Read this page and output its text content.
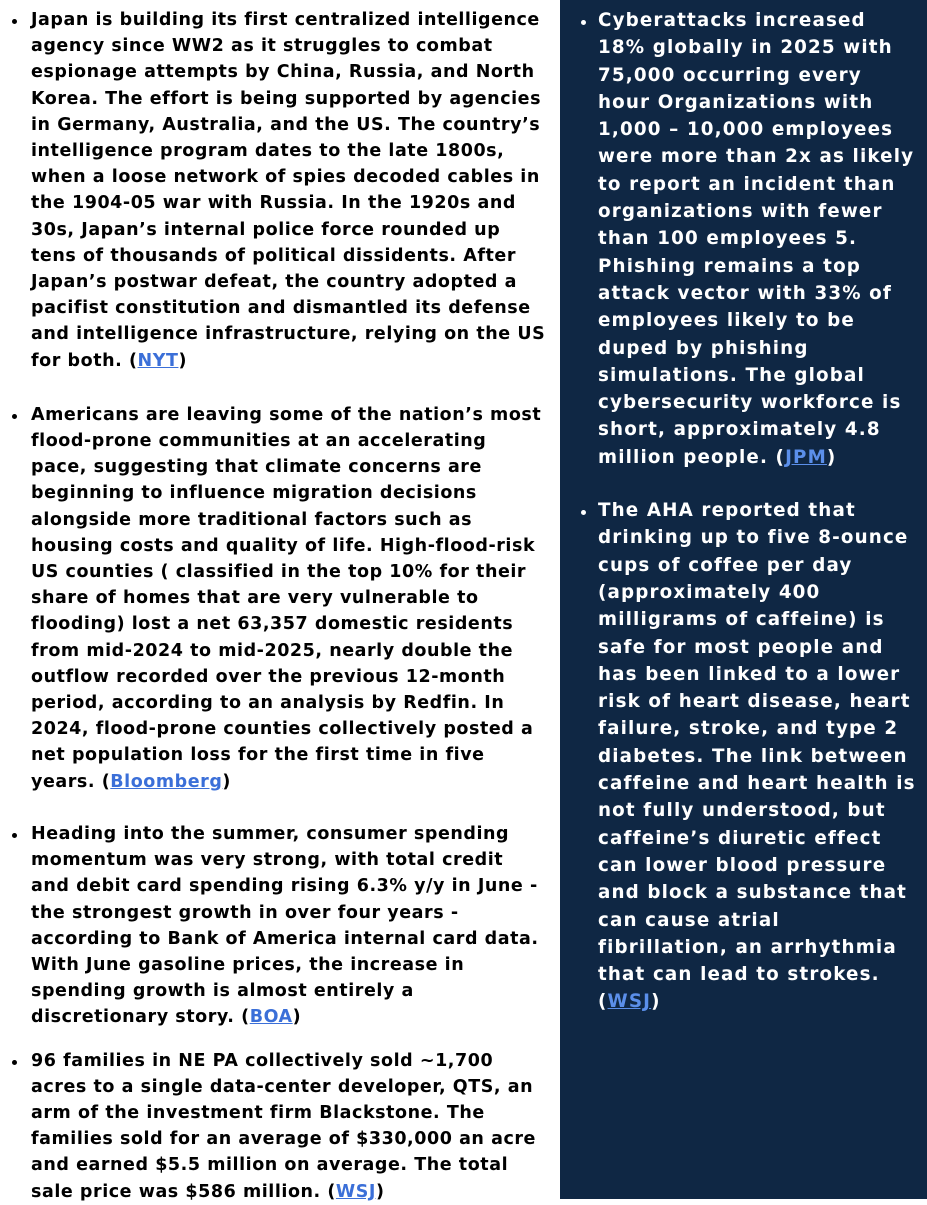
Japan is building its first centralized intelligence agency since WW2 as it struggles to combat espionage attempts by China, Russia, and North Korea. The effort is being supported by agencies in Germany, Australia, and the US. The country’s intelligence program dates to the late 1800s, when a loose network of spies decoded cables in the 1904-05 war with Russia. In the 1920s and 30s, Japan’s internal police force rounded up tens of thousands of political dissidents. After Japan’s postwar defeat, the country adopted a pacifist constitution and dismantled its defense and intelligence infrastructure, relying on the US for both. (NYT)
Americans are leaving some of the nation’s most flood-prone communities at an accelerating pace, suggesting that climate concerns are beginning to influence migration decisions alongside more traditional factors such as housing costs and quality of life. High-flood-risk US counties ( classified in the top 10% for their share of homes that are very vulnerable to flooding) lost a net 63,357 domestic residents from mid-2024 to mid-2025, nearly double the outflow recorded over the previous 12-month period, according to an analysis by Redfin. In 2024, flood-prone counties collectively posted a net population loss for the first time in five years. (Bloomberg)
Heading into the summer, consumer spending momentum was very strong, with total credit and debit card spending rising 6.3% y/y in June - the strongest growth in over four years - according to Bank of America internal card data. With June gasoline prices, the increase in spending growth is almost entirely a discretionary story. (BOA)
96 families in NE PA collectively sold ~1,700 acres to a single data-center developer, QTS, an arm of the investment firm Blackstone. The families sold for an average of $330,000 an acre and earned $5.5 million on average. The total sale price was $586 million. (WSJ)
Cyberattacks increased 18% globally in 2025 with 75,000 occurring every hour Organizations with 1,000 – 10,000 employees were more than 2x as likely to report an incident than organizations with fewer than 100 employees 5. Phishing remains a top attack vector with 33% of employees likely to be duped by phishing simulations. The global cybersecurity workforce is short, approximately 4.8 million people. (JPM)
The AHA reported that drinking up to five 8-ounce cups of coffee per day (approximately 400 milligrams of caffeine) is safe for most people and has been linked to a lower risk of heart disease, heart failure, stroke, and type 2 diabetes. The link between caffeine and heart health is not fully understood, but caffeine’s diuretic effect can lower blood pressure and block a substance that can cause atrial fibrillation, an arrhythmia that can lead to strokes. (WSJ)
